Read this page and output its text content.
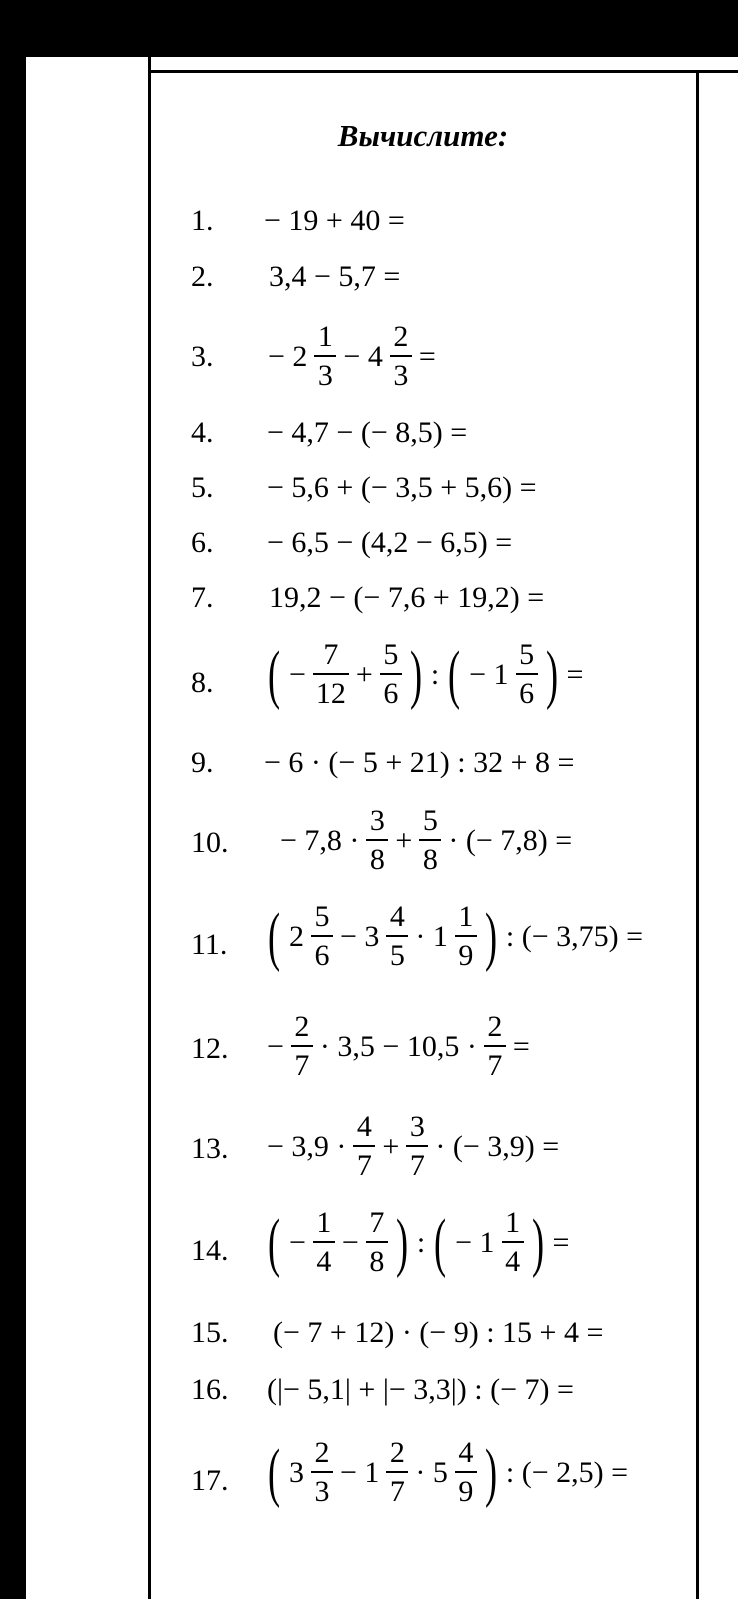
Вычислите:
1. − 19 + 40 =
2. 3,4 − 5,7 =
3. − $2 \frac{1}{3} - 4 \frac{2}{3}$ =
4. − 4,7 − (− 8,5) =
5. − 5,6 + (− 3,5 + 5,6) =
6. − 6,5 − (4,2 − 6,5) =
7. 19,2 − (− 7,6 + 19,2) =
8. ( − $\frac{7}{12} + \frac{5}{6}$ ) : ( − $1 \frac{5}{6}$ ) =
9. − 6 · (− 5 + 21) : 32 + 8 =
10. − $7,8 \cdot \frac{3}{8} + \frac{5}{8}$ · (− 7,8) =
11. ( $2 \frac{5}{6} - 3 \frac{4}{5} \cdot 1 \frac{1}{9}$ ) : (− 3,75) =
12. − $\frac{2}{7} \cdot 3,5 - 10,5 \cdot \frac{2}{7}$ =
13. − $3,9 \cdot \frac{4}{7} + \frac{3}{7}$ · (− 3,9) =
14. ( − $\frac{1}{4} - \frac{7}{8}$ ) : ( − $1 \frac{1}{4}$ ) =
15. (− 7 + 12) · (− 9) : 15 + 4 =
16. (|− 5,1| + |− 3,3|) : (− 7) =
17. ( $3 \frac{2}{3} - 1 \frac{2}{7} \cdot 5 \frac{4}{9}$ ) : (− 2,5) =
